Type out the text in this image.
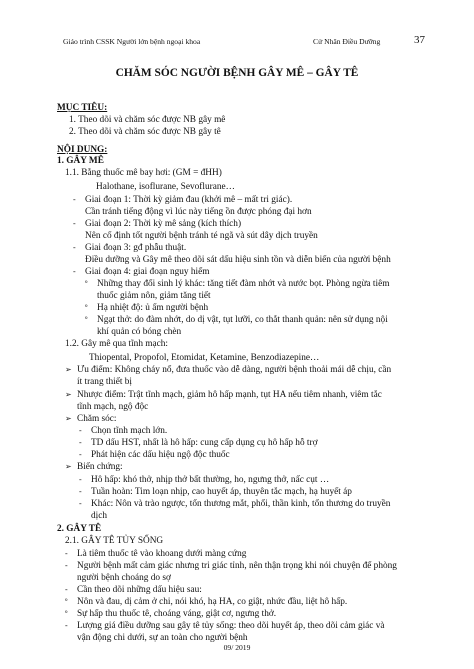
Giáo trình CSSK Người lớn bệnh ngoại khoa	Cử Nhân Điều Dưỡng	37
CHĂM SÓC NGƯỜI BỆNH GÂY MÊ – GÂY TÊ
MỤC TIÊU:
1. Theo dõi và chăm sóc được NB gây mê
2. Theo dõi và chăm sóc được NB gây tê
NỘI DUNG:
1. GÂY MÊ
1.1. Bằng thuốc mê bay hơi: (GM = đHH)
Halothane, isoflurane, Sevoflurane…
- Giai đoạn 1: Thời kỳ giảm đau (khởi mê – mất tri giác).
Cần tránh tiếng động vì lúc này tiếng ồn được phóng đại hơn
- Giai đoạn 2: Thời kỳ mê sảng (kích thích)
Nên cố định tốt người bệnh tránh té ngã và sút dây dịch truyền
- Giai đoạn 3: gđ phẫu thuật.
Điều dưỡng và Gây mê theo dõi sát dấu hiệu sinh tồn và diễn biến của người bệnh
- Giai đoạn 4: giai đoạn nguy hiểm
º Những thay đổi sinh lý khác: tăng tiết đàm nhớt và nước bọt. Phòng ngừa tiêm
thuốc giảm nôn, giảm tăng tiết
º Hạ nhiệt độ: ủ ấm người bệnh
º Ngạt thở: do đàm nhớt, do dị vật, tụt lưỡi, co thắt thanh quản: nên sử dụng nội
khí quản có bóng chèn
1.2. Gây mê qua tĩnh mạch:
Thiopental, Propofol, Etomidat, Ketamine, Benzodiazepine…
➢ Ưu điểm: Không cháy nổ, đưa thuốc vào dễ dàng, người bệnh thoải mái dễ chịu, cần
ít trang thiết bị
➢ Nhược điểm: Trật tĩnh mạch, giảm hô hấp mạnh, tụt HA nếu tiêm nhanh, viêm tắc
tĩnh mạch, ngộ độc
➢ Chăm sóc:
- Chọn tĩnh mạch lớn.
- TD dấu HST, nhất là hô hấp: cung cấp dụng cụ hô hấp hỗ trợ
- Phát hiện các dấu hiệu ngộ độc thuốc
➢ Biến chứng:
- Hô hấp: khó thở, nhịp thở bất thường, ho, ngưng thở, nấc cụt …
- Tuần hoàn: Tim loạn nhịp, cao huyết áp, thuyên tắc mạch, hạ huyết áp
- Khác: Nôn và trào ngược, tổn thương mắt, phổi, thần kinh, tổn thương do truyền
dịch
2. GÂY TÊ
2.1. GÂY TÊ TỦY SỐNG
- Là tiêm thuốc tê vào khoang dưới màng cứng
- Người bệnh mất cảm giác nhưng tri giác tỉnh, nên thận trọng khi nói chuyện để phòng
người bệnh choáng do sợ
- Cần theo dõi những dấu hiệu sau:
º Nôn và đau, dị cảm ở chi, nói khó, hạ HA, co giật, nhức đầu, liệt hô hấp.
º Sự hấp thu thuốc tê, choáng váng, giật cơ, ngưng thở.
- Lượng giá điều dưỡng sau gây tê tủy sống: theo dõi huyết áp, theo dõi cảm giác và
vận động chi dưới, sự an toàn cho người bệnh
09/ 2019
